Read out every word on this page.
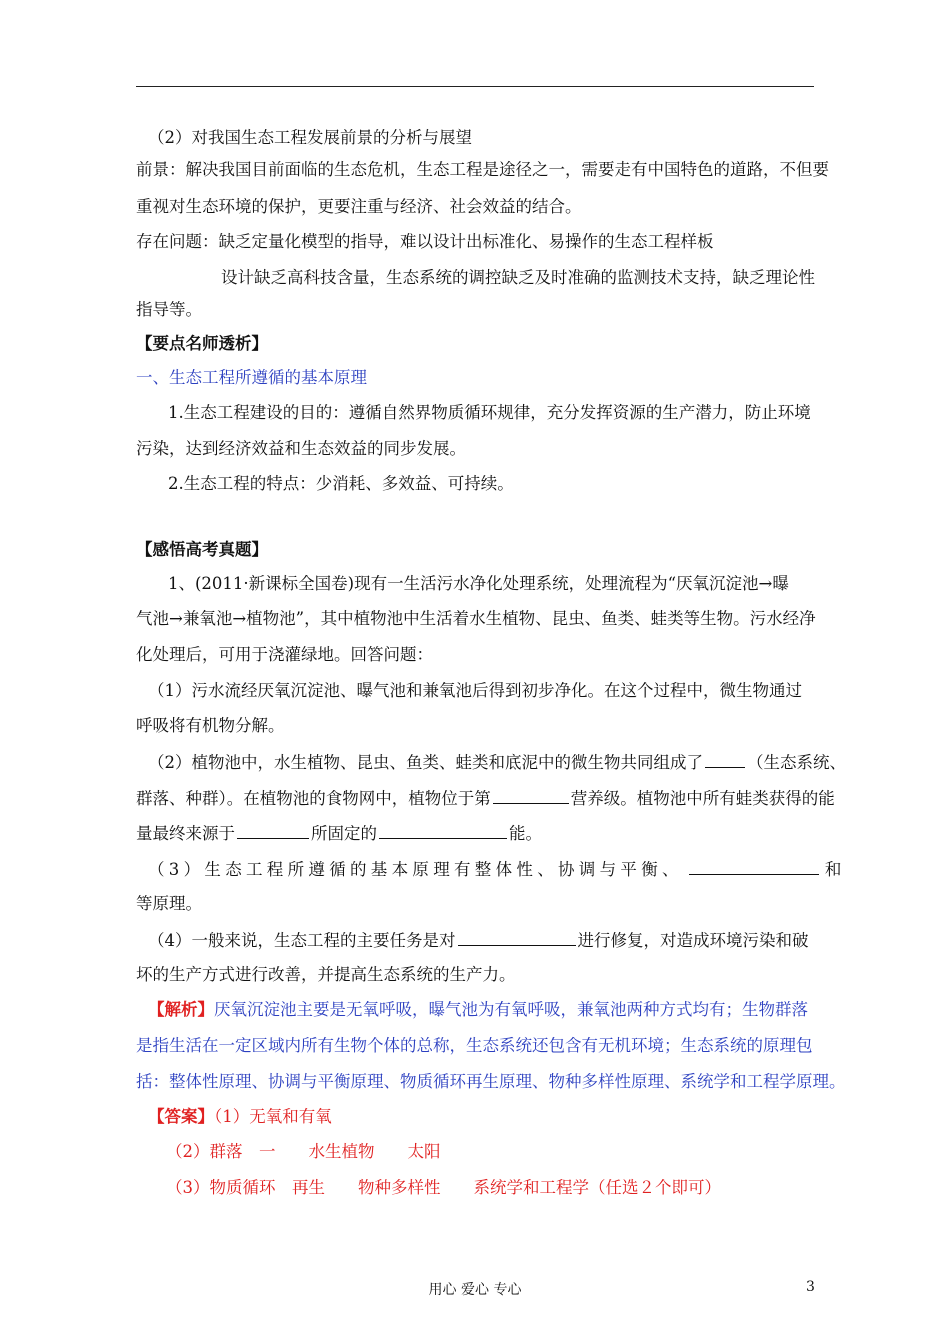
（2）对我国生态工程发展前景的分析与展望
前景：解决我国目前面临的生态危机，生态工程是途径之一，需要走有中国特色的道路，不但要
重视对生态环境的保护，更要注重与经济、社会效益的结合。
存在问题：缺乏定量化模型的指导，难以设计出标准化、易操作的生态工程样板
设计缺乏高科技含量，生态系统的调控缺乏及时准确的监测技术支持，缺乏理论性
指导等。
【要点名师透析】
一、生态工程所遵循的基本原理
1.生态工程建设的目的：遵循自然界物质循环规律，充分发挥资源的生产潜力，防止环境
污染，达到经济效益和生态效益的同步发展。
2.生态工程的特点：少消耗、多效益、可持续。
【感悟高考真题】
1、(2011·新课标全国卷)现有一生活污水净化处理系统，处理流程为“厌氧沉淀池→曝
气池→兼氧池→植物池”，其中植物池中生活着水生植物、昆虫、鱼类、蛙类等生物。污水经净
化处理后，可用于浇灌绿地。回答问题：
（1）污水流经厌氧沉淀池、曝气池和兼氧池后得到初步净化。在这个过程中，微生物通过
呼吸将有机物分解。
（2）植物池中，水生植物、昆虫、鱼类、蛙类和底泥中的微生物共同组成了	（生态系统、
群落、种群）。在植物池的食物网中，植物位于第	营养级。植物池中所有蛙类获得的能
量最终来源于	所固定的	能。
（3）生态工程所遵循的基本原理有整体性、协调与平衡、	和
等原理。
（4）一般来说，生态工程的主要任务是对	进行修复，对造成环境污染和破
坏的生产方式进行改善，并提高生态系统的生产力。
【解析】厌氧沉淀池主要是无氧呼吸，曝气池为有氧呼吸，兼氧池两种方式均有；生物群落
是指生活在一定区域内所有生物个体的总称，生态系统还包含有无机环境；生态系统的原理包
括：整体性原理、协调与平衡原理、物质循环再生原理、物种多样性原理、系统学和工程学原理。
【答案】（1）无氧和有氧
（2）群落　一　　水生植物　　太阳
（3）物质循环　再生　　物种多样性　　系统学和工程学（任选２个即可）
用心 爱心 专心	3
